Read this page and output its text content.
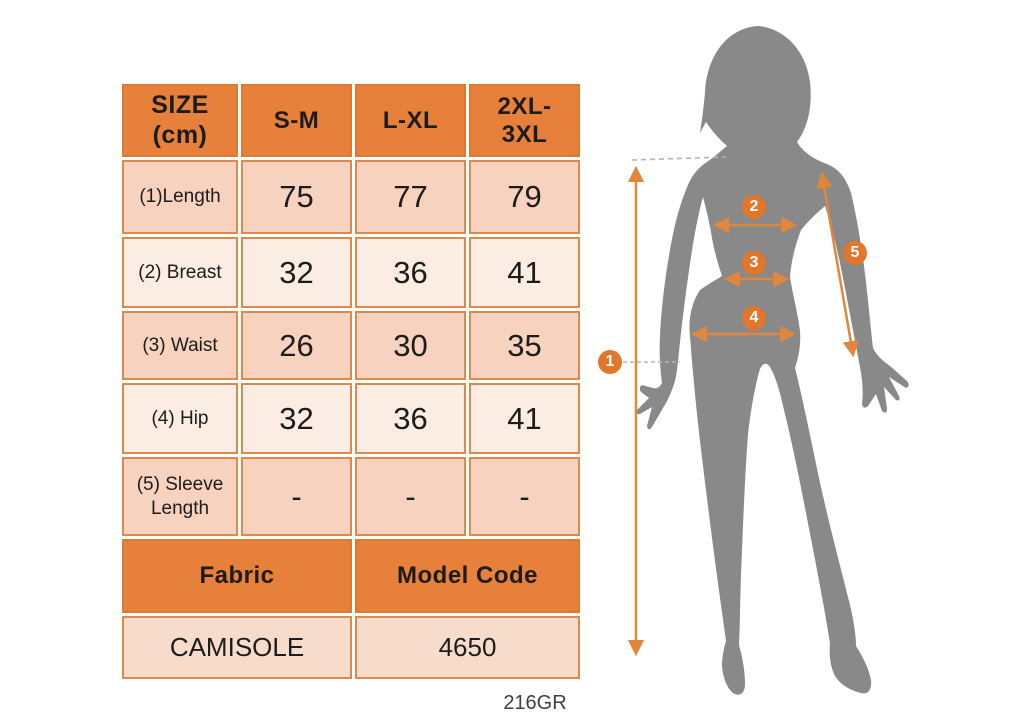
SIZE
(cm)	S-M	L-XL	2XL-3XL
(1)Length	75	77	79
(2) Breast	32	36	41
(3) Waist	26	30	35
(4) Hip	32	36	41
(5) Sleeve Length	-	-	-
Fabric		Model Code	
CAMISOLE		4650	
216GR
1
2
3
4
5
